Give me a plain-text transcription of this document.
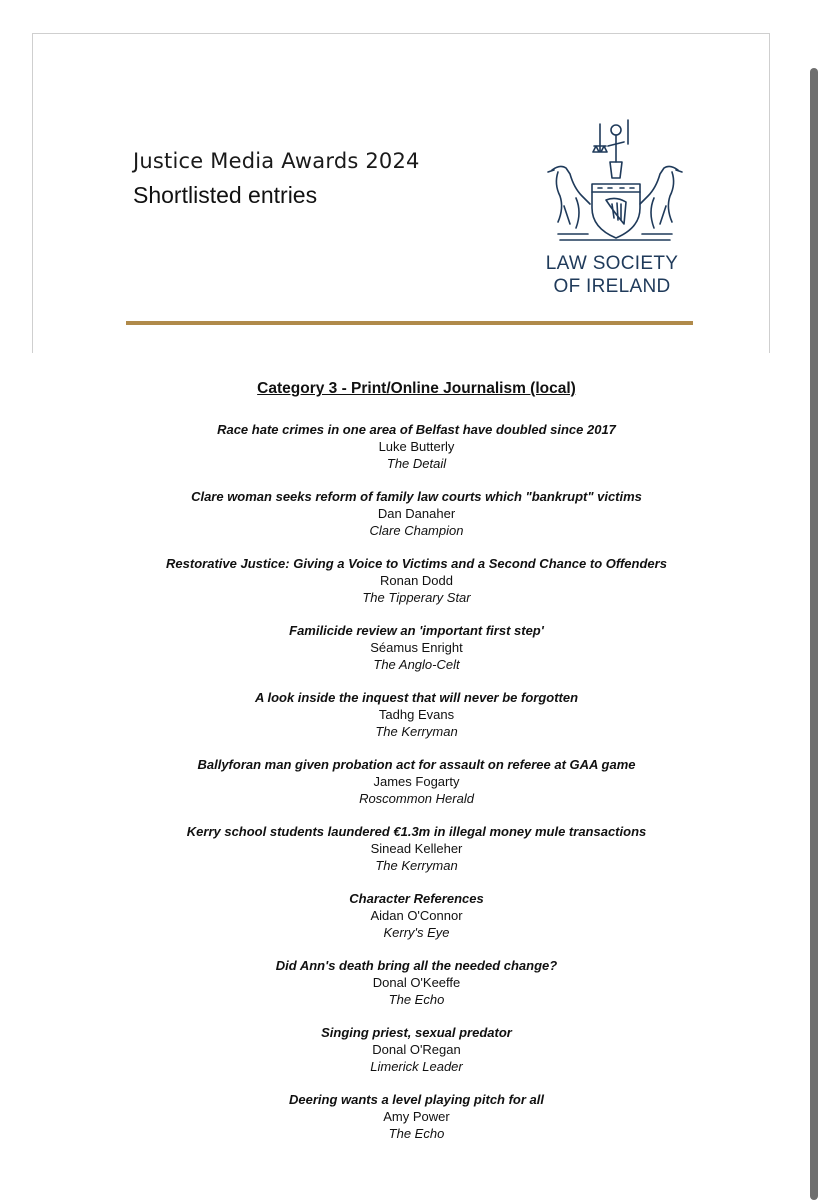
Justice Media Awards 2024
Shortlisted entries
LAW SOCIETY
OF IRELAND
Category 3 - Print/Online Journalism (local)
Race hate crimes in one area of Belfast have doubled since 2017
Luke Butterly
The Detail
Clare woman seeks reform of family law courts which "bankrupt" victims
Dan Danaher
Clare Champion
Restorative Justice: Giving a Voice to Victims and a Second Chance to Offenders
Ronan Dodd
The Tipperary Star
Familicide review an 'important first step'
Séamus Enright
The Anglo-Celt
A look inside the inquest that will never be forgotten
Tadhg Evans
The Kerryman
Ballyforan man given probation act for assault on referee at GAA game
James Fogarty
Roscommon Herald
Kerry school students laundered €1.3m in illegal money mule transactions
Sinead Kelleher
The Kerryman
Character References
Aidan O'Connor
Kerry's Eye
Did Ann's death bring all the needed change?
Donal O'Keeffe
The Echo
Singing priest, sexual predator
Donal O'Regan
Limerick Leader
Deering wants a level playing pitch for all
Amy Power
The Echo
